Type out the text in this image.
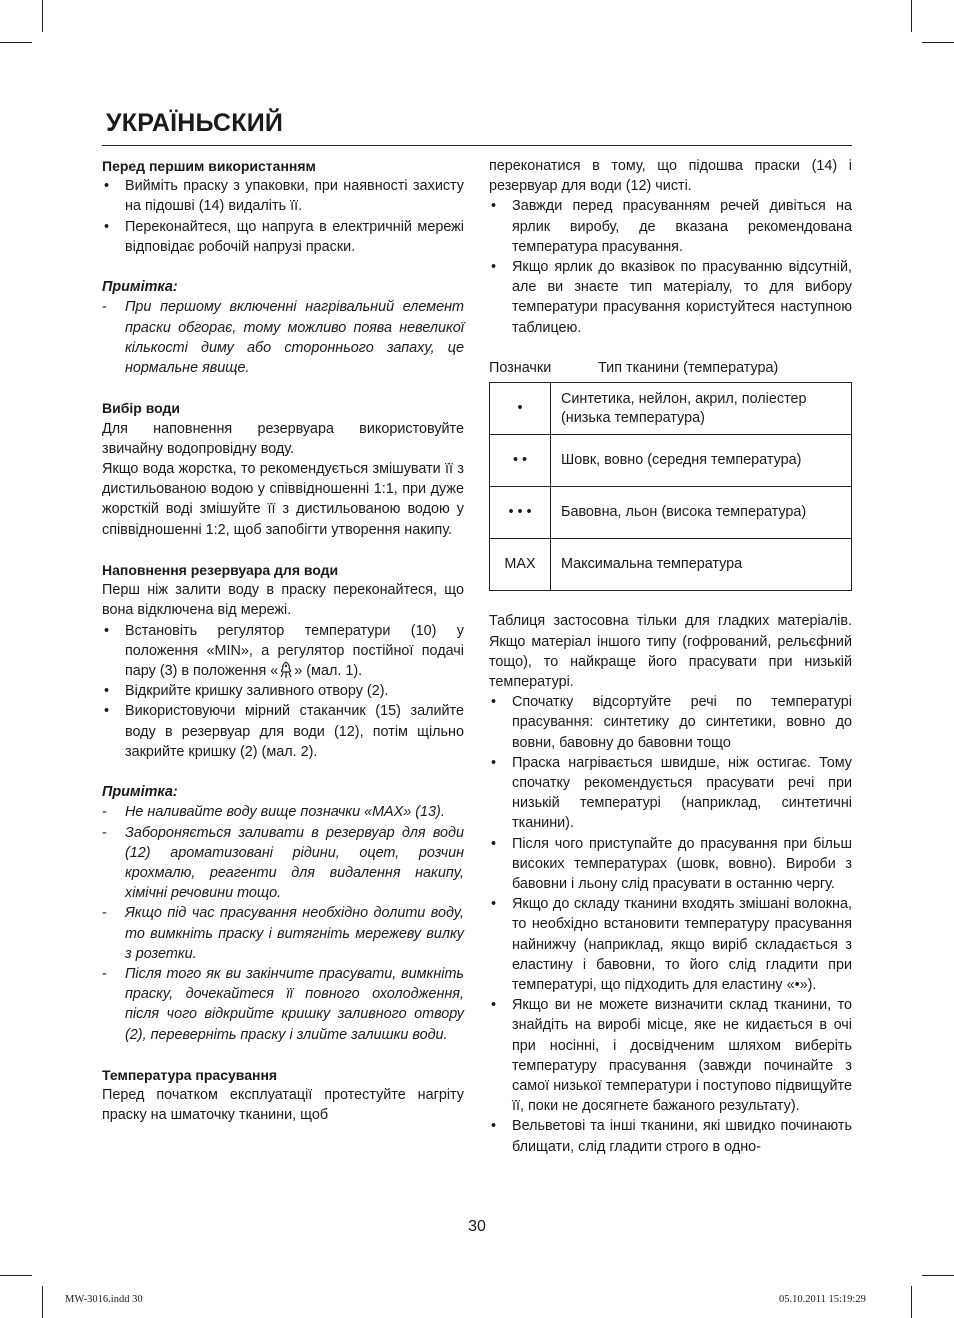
УКРАЇНЬСКИЙ
Перед першим використанням
• Вийміть праску з упаковки, при наявності захисту на підошві (14) видаліть її.
• Переконайтеся, що напруга в електричній мережі відповідає робочій напрузі праски.

Примітка:

- При першому включенні нагрівальний елемент праски обгорає, тому можливо поява невеликої кількості диму або стороннього запаху, це нормальне явище.
Вибір води

Для наповнення резервуара використовуйте звичайну водопровідну воду.

Якщо вода жорстка, то рекомендується змішувати її з дистильованою водою у співвідношенні 1:1, при дуже жорсткій воді змішуйте її з дистильованою водою у співвідношенні 1:2, щоб запобігти утворення накипу.

Наповнення резервуара для води

Перш ніж залити воду в праску переконайтеся, що вона відключена від мережі.

• Встановіть регулятор температури (10) у положення «MIN», а регулятор постійної подачі пару (3) в положення « » (мал. 1).
• Відкрийте кришку заливного отвору (2).
• Використовуючи мірний стаканчик (15) залийте воду в резервуар для води (12), потім щільно закрийте кришку (2) (мал. 2).

Примітка:

- Не наливайте воду вище позначки «MAX» (13).
- Забороняється заливати в резервуар для води (12) ароматизовані рідини, оцет, розчин крохмалю, реагенти для видалення накипу, хімічні речовини тощо.
- Якщо під час прасування необхідно долити воду, то вимкніть праску і витягніть мережеву вилку з розетки.
- Після того як ви закінчите прасувати, вимкніть праску, дочекайтеся її повного охолодження, після чого відкрийте кришку заливного отвору (2), переверніть праску і злийте залишки води.
Температура прасування

Перед початком експлуатації протестуйте нагріту праску на шматочку тканини, щоб

переконатися в тому, що підошва праски (14) і резервуар для води (12) чисті.

• Завжди перед прасуванням речей дивіться на ярлик виробу, де вказана рекомендована температура прасування.
• Якщо ярлик до вказівок по прасуванню відсутній, але ви знаєте тип матеріалу, то для вибору температури прасування користуйтеся наступною таблицею.
Позначки	Тип тканини (температура)
•	Синтетика, нейлон, акрил, поліестер (низька температура)
• •	Шовк, вовно (середня температура)
• • •	Бавовна, льон (висока температура)
MAX	Максимальна температура

Таблиця застосовна тільки для гладких матеріалів. Якщо матеріал іншого типу (гофрований, рельєфний тощо), то найкраще його прасувати при низькій температурі.

• Спочатку відсортуйте речі по температурі прасування: синтетику до синтетики, вовно до вовни, бавовну до бавовни тощо
• Праска нагрівається швидше, ніж остигає. Тому спочатку рекомендується прасувати речі при низькій температурі (наприклад, синтетичні тканини).
• Після чого приступайте до прасування при більш високих температурах (шовк, вовно). Вироби з бавовни і льону слід прасувати в останню чергу.
• Якщо до складу тканини входять змішані волокна, то необхідно встановити температуру прасування найнижчу (наприклад, якщо виріб складається з еластину і бавовни, то його слід гладити при температурі, що підходить для еластину «•»).
• Якщо ви не можете визначити склад тканини, то знайдіть на виробі місце, яке не кидається в очі при носінні, і досвідченим шляхом виберіть температуру прасування (завжди починайте з самої низької температури і поступово підвищуйте її, поки не досягнете бажаного результату).
• Вельветові та інші тканини, які швидко починають блищати, слід гладити строго в одно-
30
MW-3016.indd 30	05.10.2011 15:19:29
